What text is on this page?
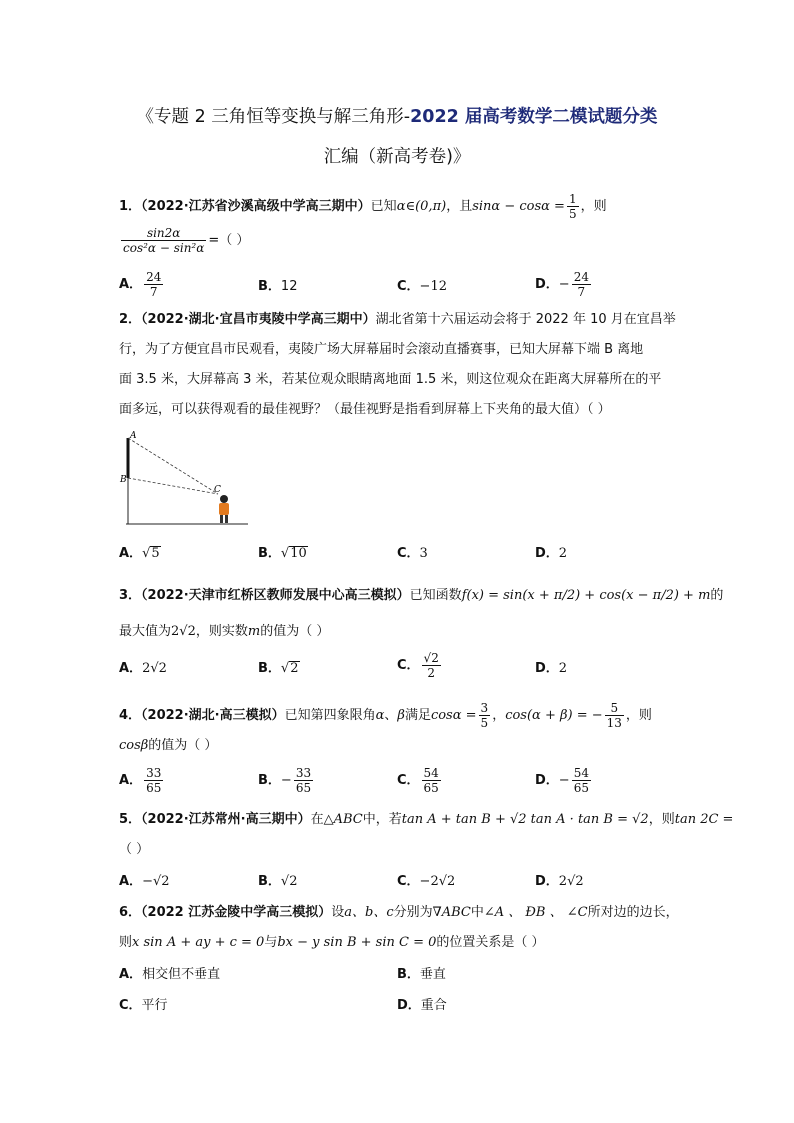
《专题 2 三角恒等变换与解三角形-2022 届高考数学二模试题分类
汇编（新高考卷)》
1．（2022·江苏省沙溪高级中学高三期中）已知α∈(0,π)，且$\sin\alpha - \cos\alpha = \frac{1}{5}$ ，则
$\frac{\sin 2\alpha}{\text{cos²α − sin²α}}$ =（ ）
A． $\frac{24}{7}$	B．12	C．−12	D．− $\frac{24}{7}$
2．（2022·湖北·宜昌市夷陵中学高三期中）湖北省第十六届运动会将于 2022 年 10 月在宜昌举
行，为了方便宜昌市民观看，夷陵广场大屏幕届时会滚动直播赛事，已知大屏幕下端 B 离地
面 3.5 米，大屏幕高 3 米，若某位观众眼睛离地面 1.5 米，则这位观众在距离大屏幕所在的平
面多远，可以获得观看的最佳视野？（最佳视野是指看到屏幕上下夹角的最大值）（ ）
A
B
C
A．√5	B．√10	C．3	D．2
3．（2022·天津市红桥区教师发展中心高三模拟）已知函数f(x) = sin(x + π/2) + cos(x − π/2) + m的
最大值为2√2，则实数m的值为（ ）
A．2√2	B．√2	C． $\frac{√2}{2}$	D．2
4．（2022·湖北·高三模拟）已知第四象限角α、β满足$\cos\alpha = \frac{3}{5}$ ，cos(α + β) = − $\frac{5}{13}$ ，则
cosβ的值为（ ）
A． $\frac{33}{65}$	B．− $\frac{33}{65}$	C． $\frac{54}{65}$	D．− $\frac{54}{65}$
5．（2022·江苏常州·高三期中）在△ABC中，若tan A + tan B + √2 tan A · tan B = √2，则tan 2C =
（ ）
A．−√2	B．√2	C．−2√2	D．2√2
6．（2022 江苏金陵中学高三模拟）设a、b、c分别为∇ABC中∠A 、 ÐB 、 ∠C所对边的边长，
则x sin A + ay + c = 0与bx − y sin B + sin C = 0的位置关系是（ ）
A．相交但不垂直	B．垂直
C．平行	D．重合
